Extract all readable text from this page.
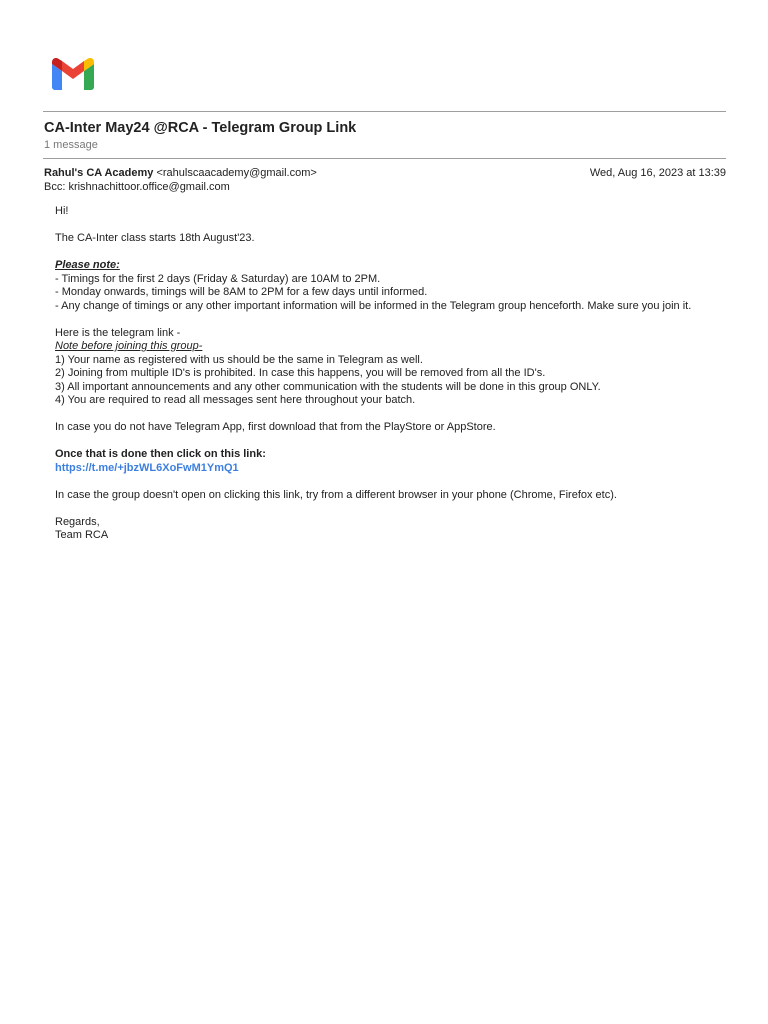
CA-Inter May24 @RCA - Telegram Group Link
1 message
Rahul's CA Academy <rahulscaacademy@gmail.com>	Wed, Aug 16, 2023 at 13:39
Bcc: krishnachittoor.office@gmail.com

Hi!

The CA-Inter class starts 18th August'23.

Please note:

- Timings for the first 2 days (Friday & Saturday) are 10AM to 2PM.

- Monday onwards, timings will be 8AM to 2PM for a few days until informed.

- Any change of timings or any other important information will be informed in the Telegram group henceforth. Make sure you join it.

Here is the telegram link -

Note before joining this group-

1) Your name as registered with us should be the same in Telegram as well.

2) Joining from multiple ID's is prohibited. In case this happens, you will be removed from all the ID's.

3) All important announcements and any other communication with the students will be done in this group ONLY.

4) You are required to read all messages sent here throughout your batch.

In case you do not have Telegram App, first download that from the PlayStore or AppStore.

Once that is done then click on this link:

https://t.me/+jbzWL6XoFwM1YmQ1

In case the group doesn't open on clicking this link, try from a different browser in your phone (Chrome, Firefox etc).

Regards,

Team RCA
